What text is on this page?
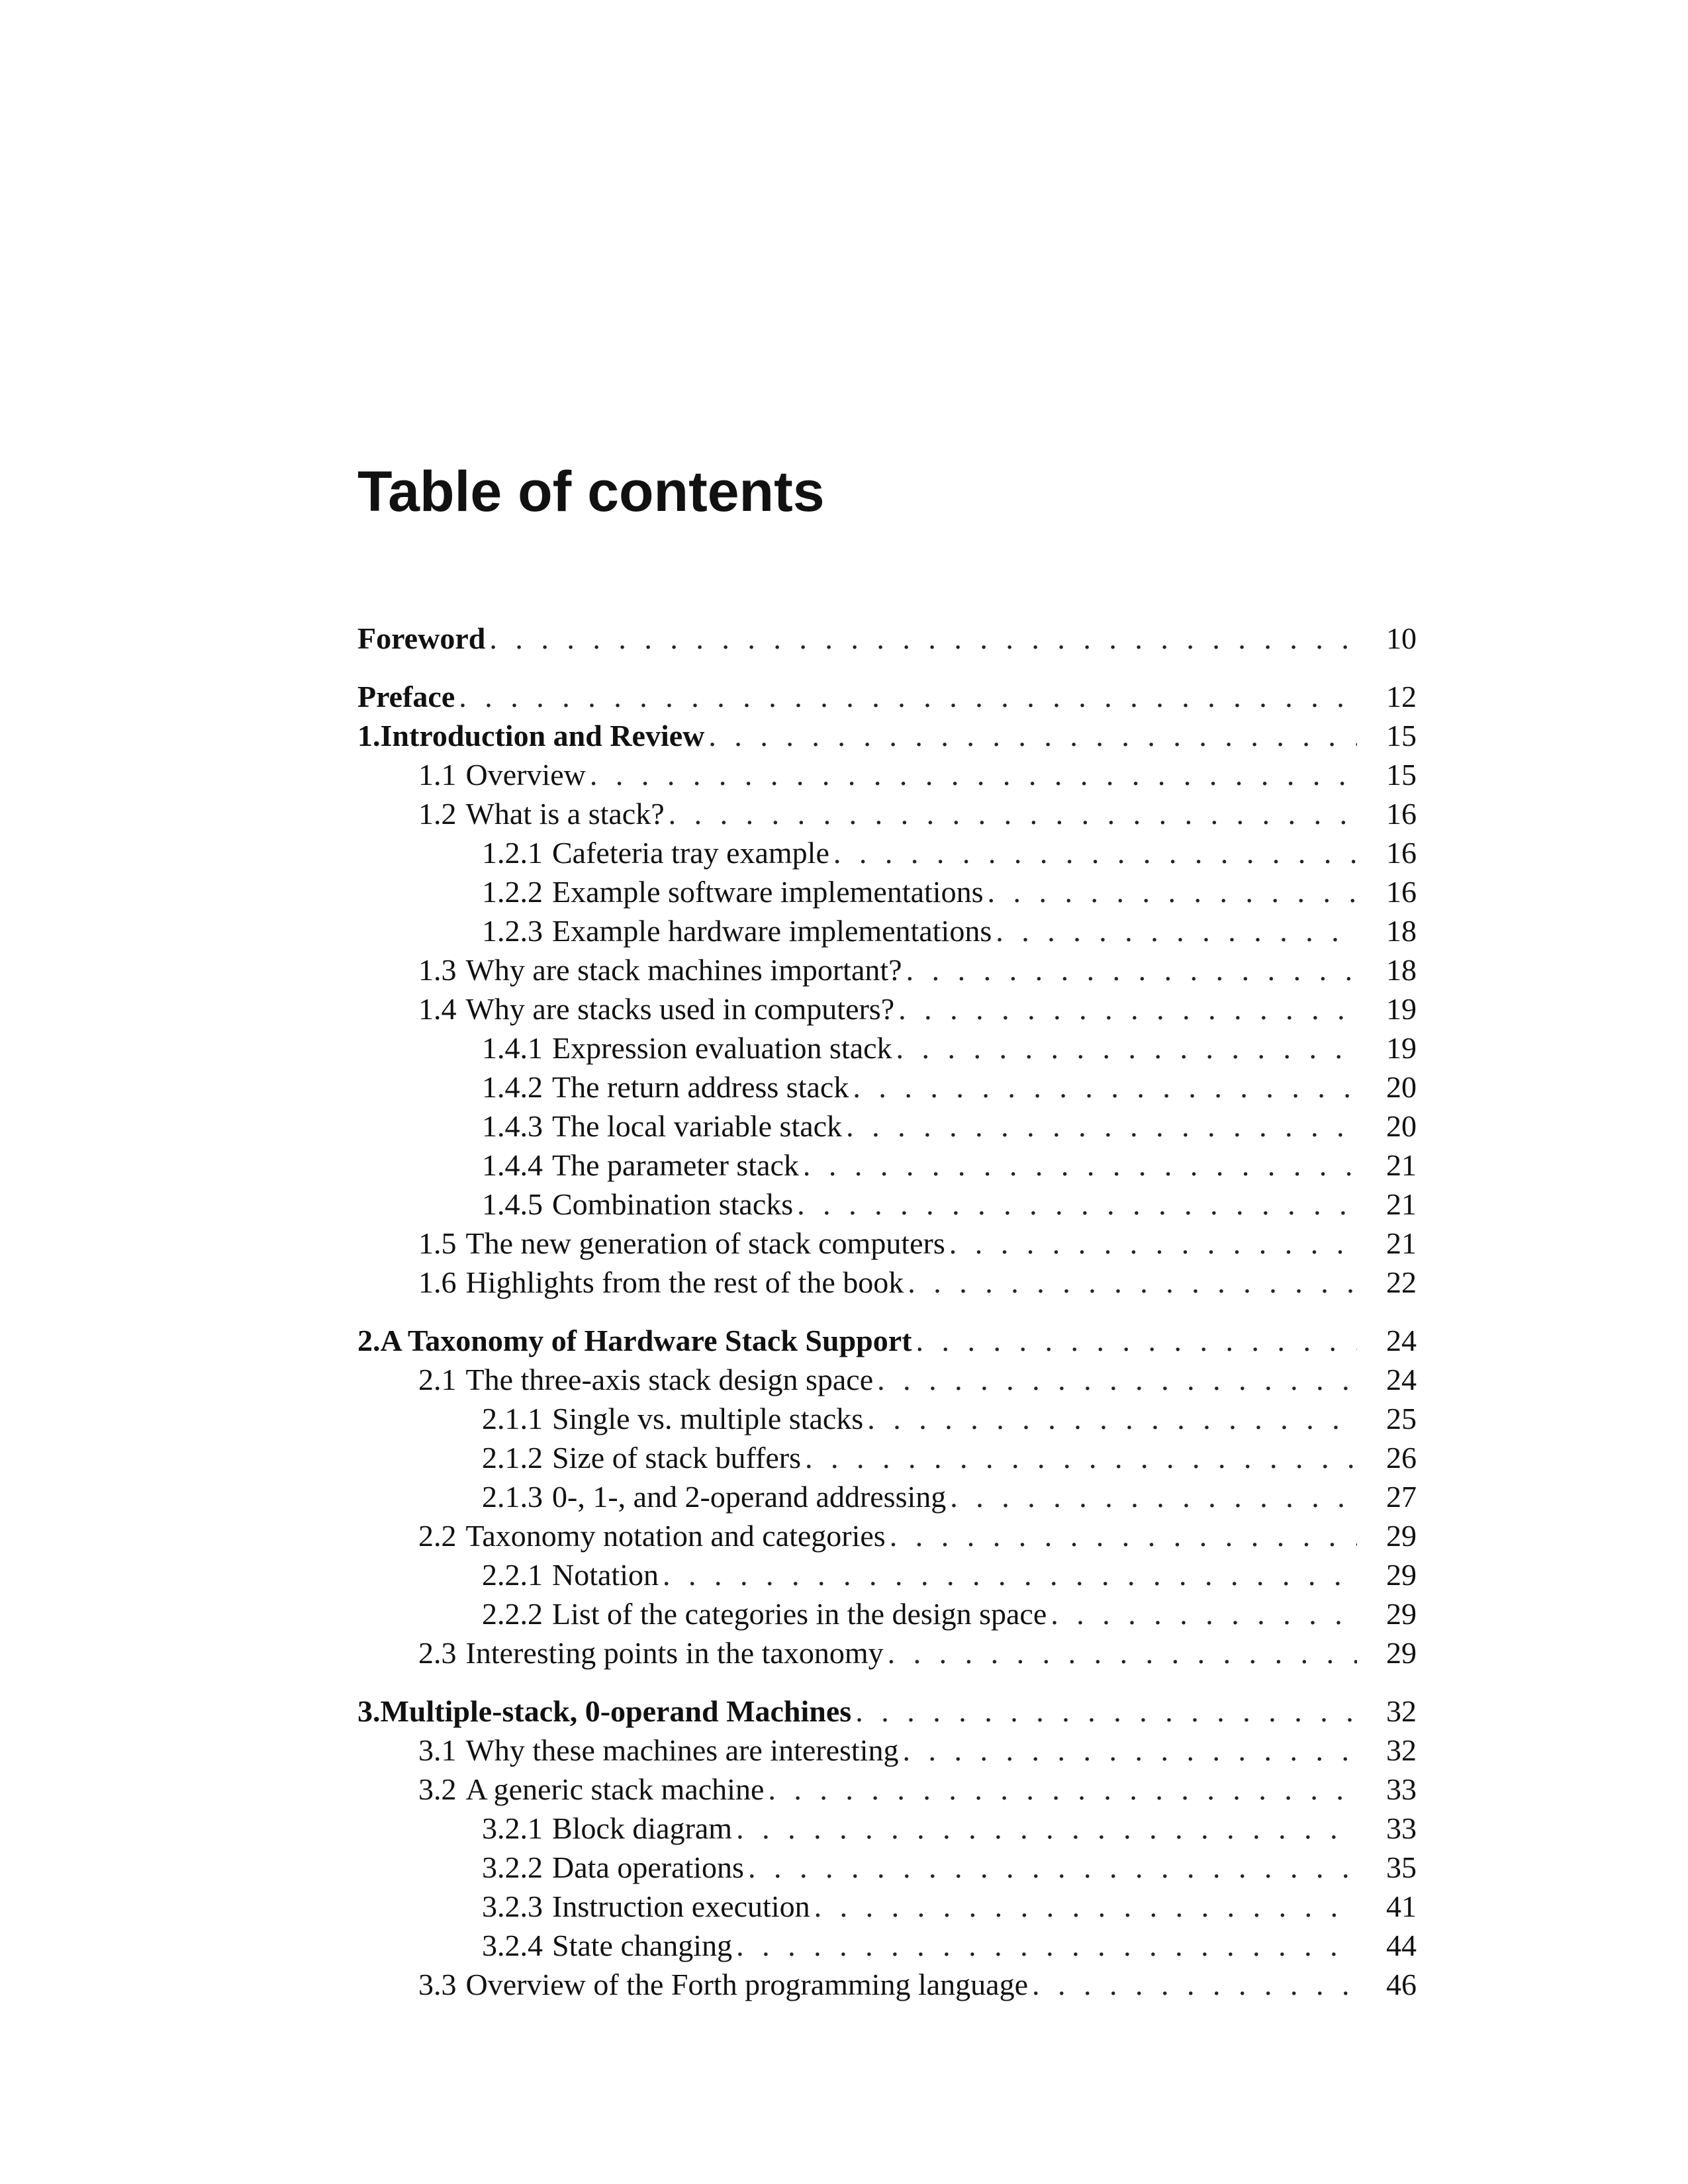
Table of contents
Foreword . . .	10
Preface . . .	12
1. Introduction and Review . . .	15
1.1 Overview . . .	15
1.2 What is a stack? . . .	16
1.2.1 Cafeteria tray example . . .	16
1.2.2 Example software implementations . . .	16
1.2.3 Example hardware implementations . . .	18
1.3 Why are stack machines important? . . .	18
1.4 Why are stacks used in computers? . . .	19
1.4.1 Expression evaluation stack . . .	19
1.4.2 The return address stack . . .	20
1.4.3 The local variable stack . . .	20
1.4.4 The parameter stack . . .	21
1.4.5 Combination stacks . . .	21
1.5 The new generation of stack computers . . .	21
1.6 Highlights from the rest of the book . . .	22
2. A Taxonomy of Hardware Stack Support . . .	24
2.1 The three-axis stack design space . . .	24
2.1.1 Single vs. multiple stacks . . .	25
2.1.2 Size of stack buffers . . .	26
2.1.3 0-, 1-, and 2-operand addressing . . .	27
2.2 Taxonomy notation and categories . . .	29
2.2.1 Notation . . .	29
2.2.2 List of the categories in the design space . . .	29
2.3 Interesting points in the taxonomy . . .	29
3. Multiple-stack, 0-operand Machines . . .	32
3.1 Why these machines are interesting . . .	32
3.2 A generic stack machine . . .	33
3.2.1 Block diagram . . .	33
3.2.2 Data operations . . .	35
3.2.3 Instruction execution . . .	41
3.2.4 State changing . . .	44
3.3 Overview of the Forth programming language . . .	46
